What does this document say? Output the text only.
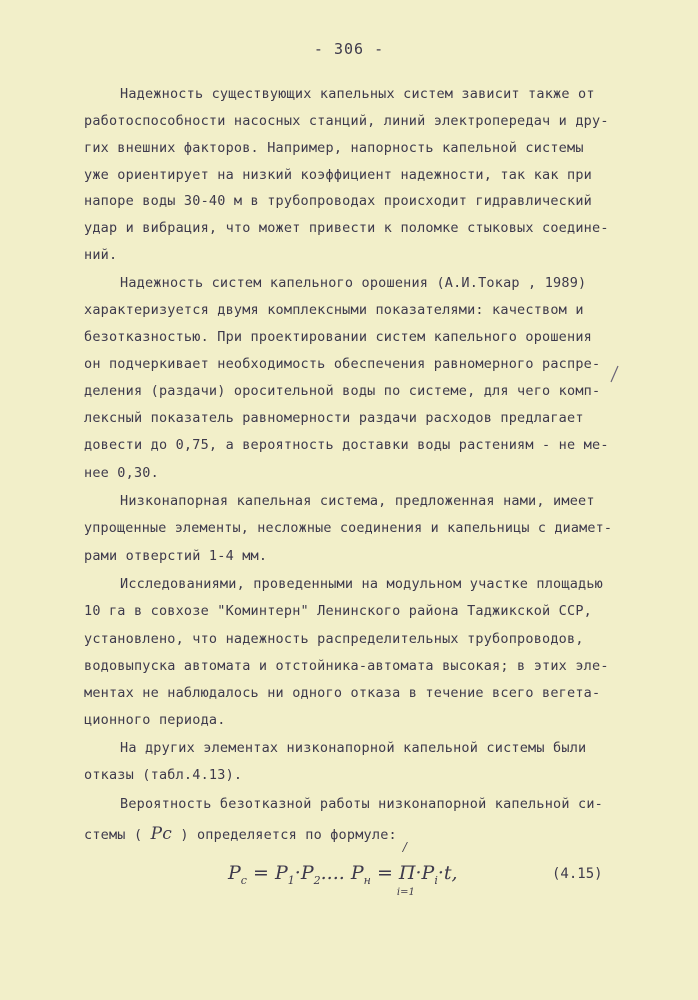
- 306 -
Надежность существующих капельных систем зависит также от
работоспособности насосных станций, линий электропередач и дру-
гих внешних факторов. Например, напорность капельной системы
уже ориентирует на низкий коэффициент надежности, так как при
напоре воды 30-40 м в трубопроводах происходит гидравлический
удар и вибрация, что может привести к поломке стыковых соедине-
ний.
Надежность систем капельного орошения (А.И.Токар , 1989)
характеризуется двумя комплексными показателями: качеством и
безотказностью. При проектировании систем капельного орошения
он подчеркивает необходимость обеспечения равномерного распре-
деления (раздачи) оросительной воды по системе, для чего комп-
лексный показатель равномерности раздачи расходов предлагает
довести до 0,75, а вероятность доставки воды растениям - не ме-
нее 0,30.
Низконапорная капельная система, предложенная нами, имеет
упрощенные элементы, несложные соединения и капельницы с диамет-
рами отверстий 1-4 мм.
Исследованиями, проведенными на модульном участке площадью
10 га в совхозе "Коминтерн" Ленинского района Таджикской ССР,
установлено, что надежность распределительных трубопроводов,
водовыпуска автомата и отстойника-автомата высокая; в этих эле-
ментах не наблюдалось ни одного отказа в течение всего вегета-
ционного периода.
На других элементах низконапорной капельной системы были
отказы (табл.4.13).
Вероятность безотказной работы низконапорной капельной си-
стемы ( Pc ) определяется по формуле:
$P_c = P_1\cdot P_2$.... $P_н$ =
/
Π
i=1
$\cdot P_i\cdot t$,	(4.15)
